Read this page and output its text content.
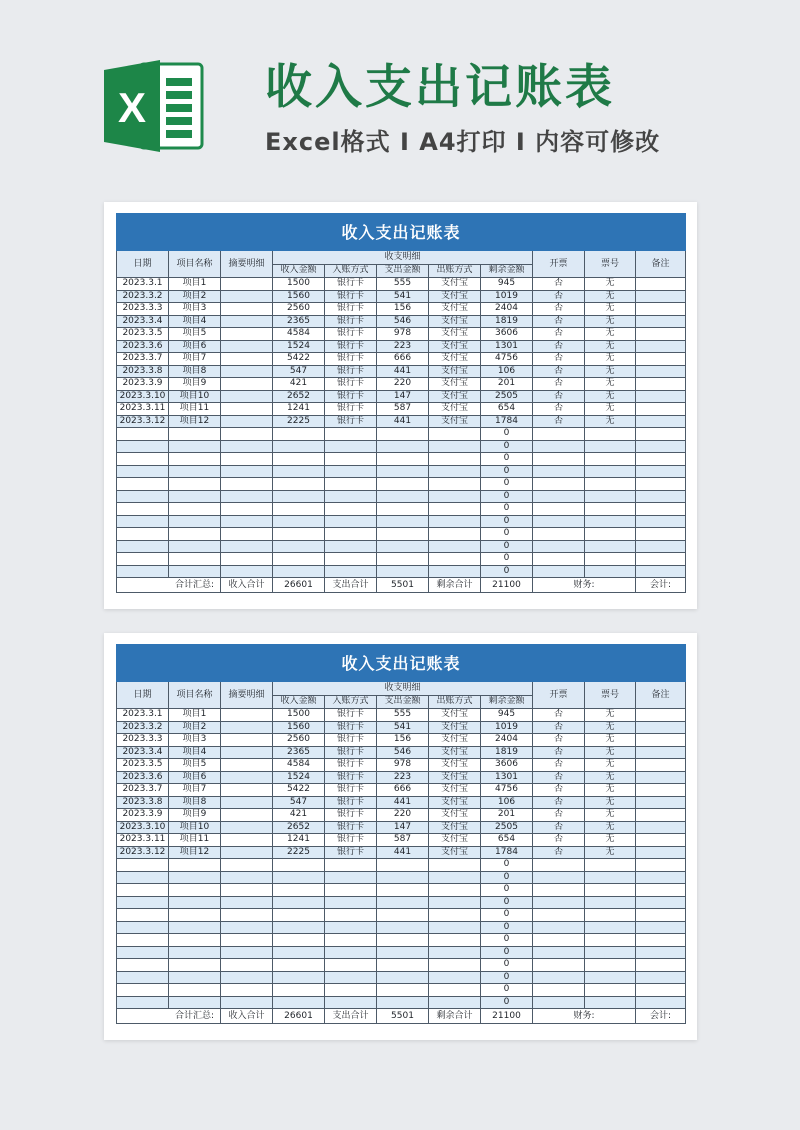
X	收入支出记账表
Excel格式 I A4打印 I 内容可修改
收入支出记账表										
日期	项目名称	摘要明细	收支明细					开票	票号	备注
			收入金额	入账方式	支出金额	出账方式	剩余金额			
2023.3.1	项目1		1500	银行卡	555	支付宝	945	否	无	
2023.3.2	项目2		1560	银行卡	541	支付宝	1019	否	无	
2023.3.3	项目3		2560	银行卡	156	支付宝	2404	否	无	
2023.3.4	项目4		2365	银行卡	546	支付宝	1819	否	无	
2023.3.5	项目5		4584	银行卡	978	支付宝	3606	否	无	
2023.3.6	项目6		1524	银行卡	223	支付宝	1301	否	无	
2023.3.7	项目7		5422	银行卡	666	支付宝	4756	否	无	
2023.3.8	项目8		547	银行卡	441	支付宝	106	否	无	
2023.3.9	项目9		421	银行卡	220	支付宝	201	否	无	
2023.3.10	项目10		2652	银行卡	147	支付宝	2505	否	无	
2023.3.11	项目11		1241	银行卡	587	支付宝	654	否	无	
2023.3.12	项目12		2225	银行卡	441	支付宝	1784	否	无	
							0			
							0			
							0			
							0			
							0			
							0			
							0			
							0			
							0			
							0			
							0			
							0			
合计汇总:		收入合计	26601	支出合计	5501	剩余合计	21100	财务:		会计:
收入支出记账表										
日期	项目名称	摘要明细	收支明细					开票	票号	备注
			收入金额	入账方式	支出金额	出账方式	剩余金额			
2023.3.1	项目1		1500	银行卡	555	支付宝	945	否	无	
2023.3.2	项目2		1560	银行卡	541	支付宝	1019	否	无	
2023.3.3	项目3		2560	银行卡	156	支付宝	2404	否	无	
2023.3.4	项目4		2365	银行卡	546	支付宝	1819	否	无	
2023.3.5	项目5		4584	银行卡	978	支付宝	3606	否	无	
2023.3.6	项目6		1524	银行卡	223	支付宝	1301	否	无	
2023.3.7	项目7		5422	银行卡	666	支付宝	4756	否	无	
2023.3.8	项目8		547	银行卡	441	支付宝	106	否	无	
2023.3.9	项目9		421	银行卡	220	支付宝	201	否	无	
2023.3.10	项目10		2652	银行卡	147	支付宝	2505	否	无	
2023.3.11	项目11		1241	银行卡	587	支付宝	654	否	无	
2023.3.12	项目12		2225	银行卡	441	支付宝	1784	否	无	
							0			
							0			
							0			
							0			
							0			
							0			
							0			
							0			
							0			
							0			
							0			
							0			
合计汇总:		收入合计	26601	支出合计	5501	剩余合计	21100	财务:		会计:
